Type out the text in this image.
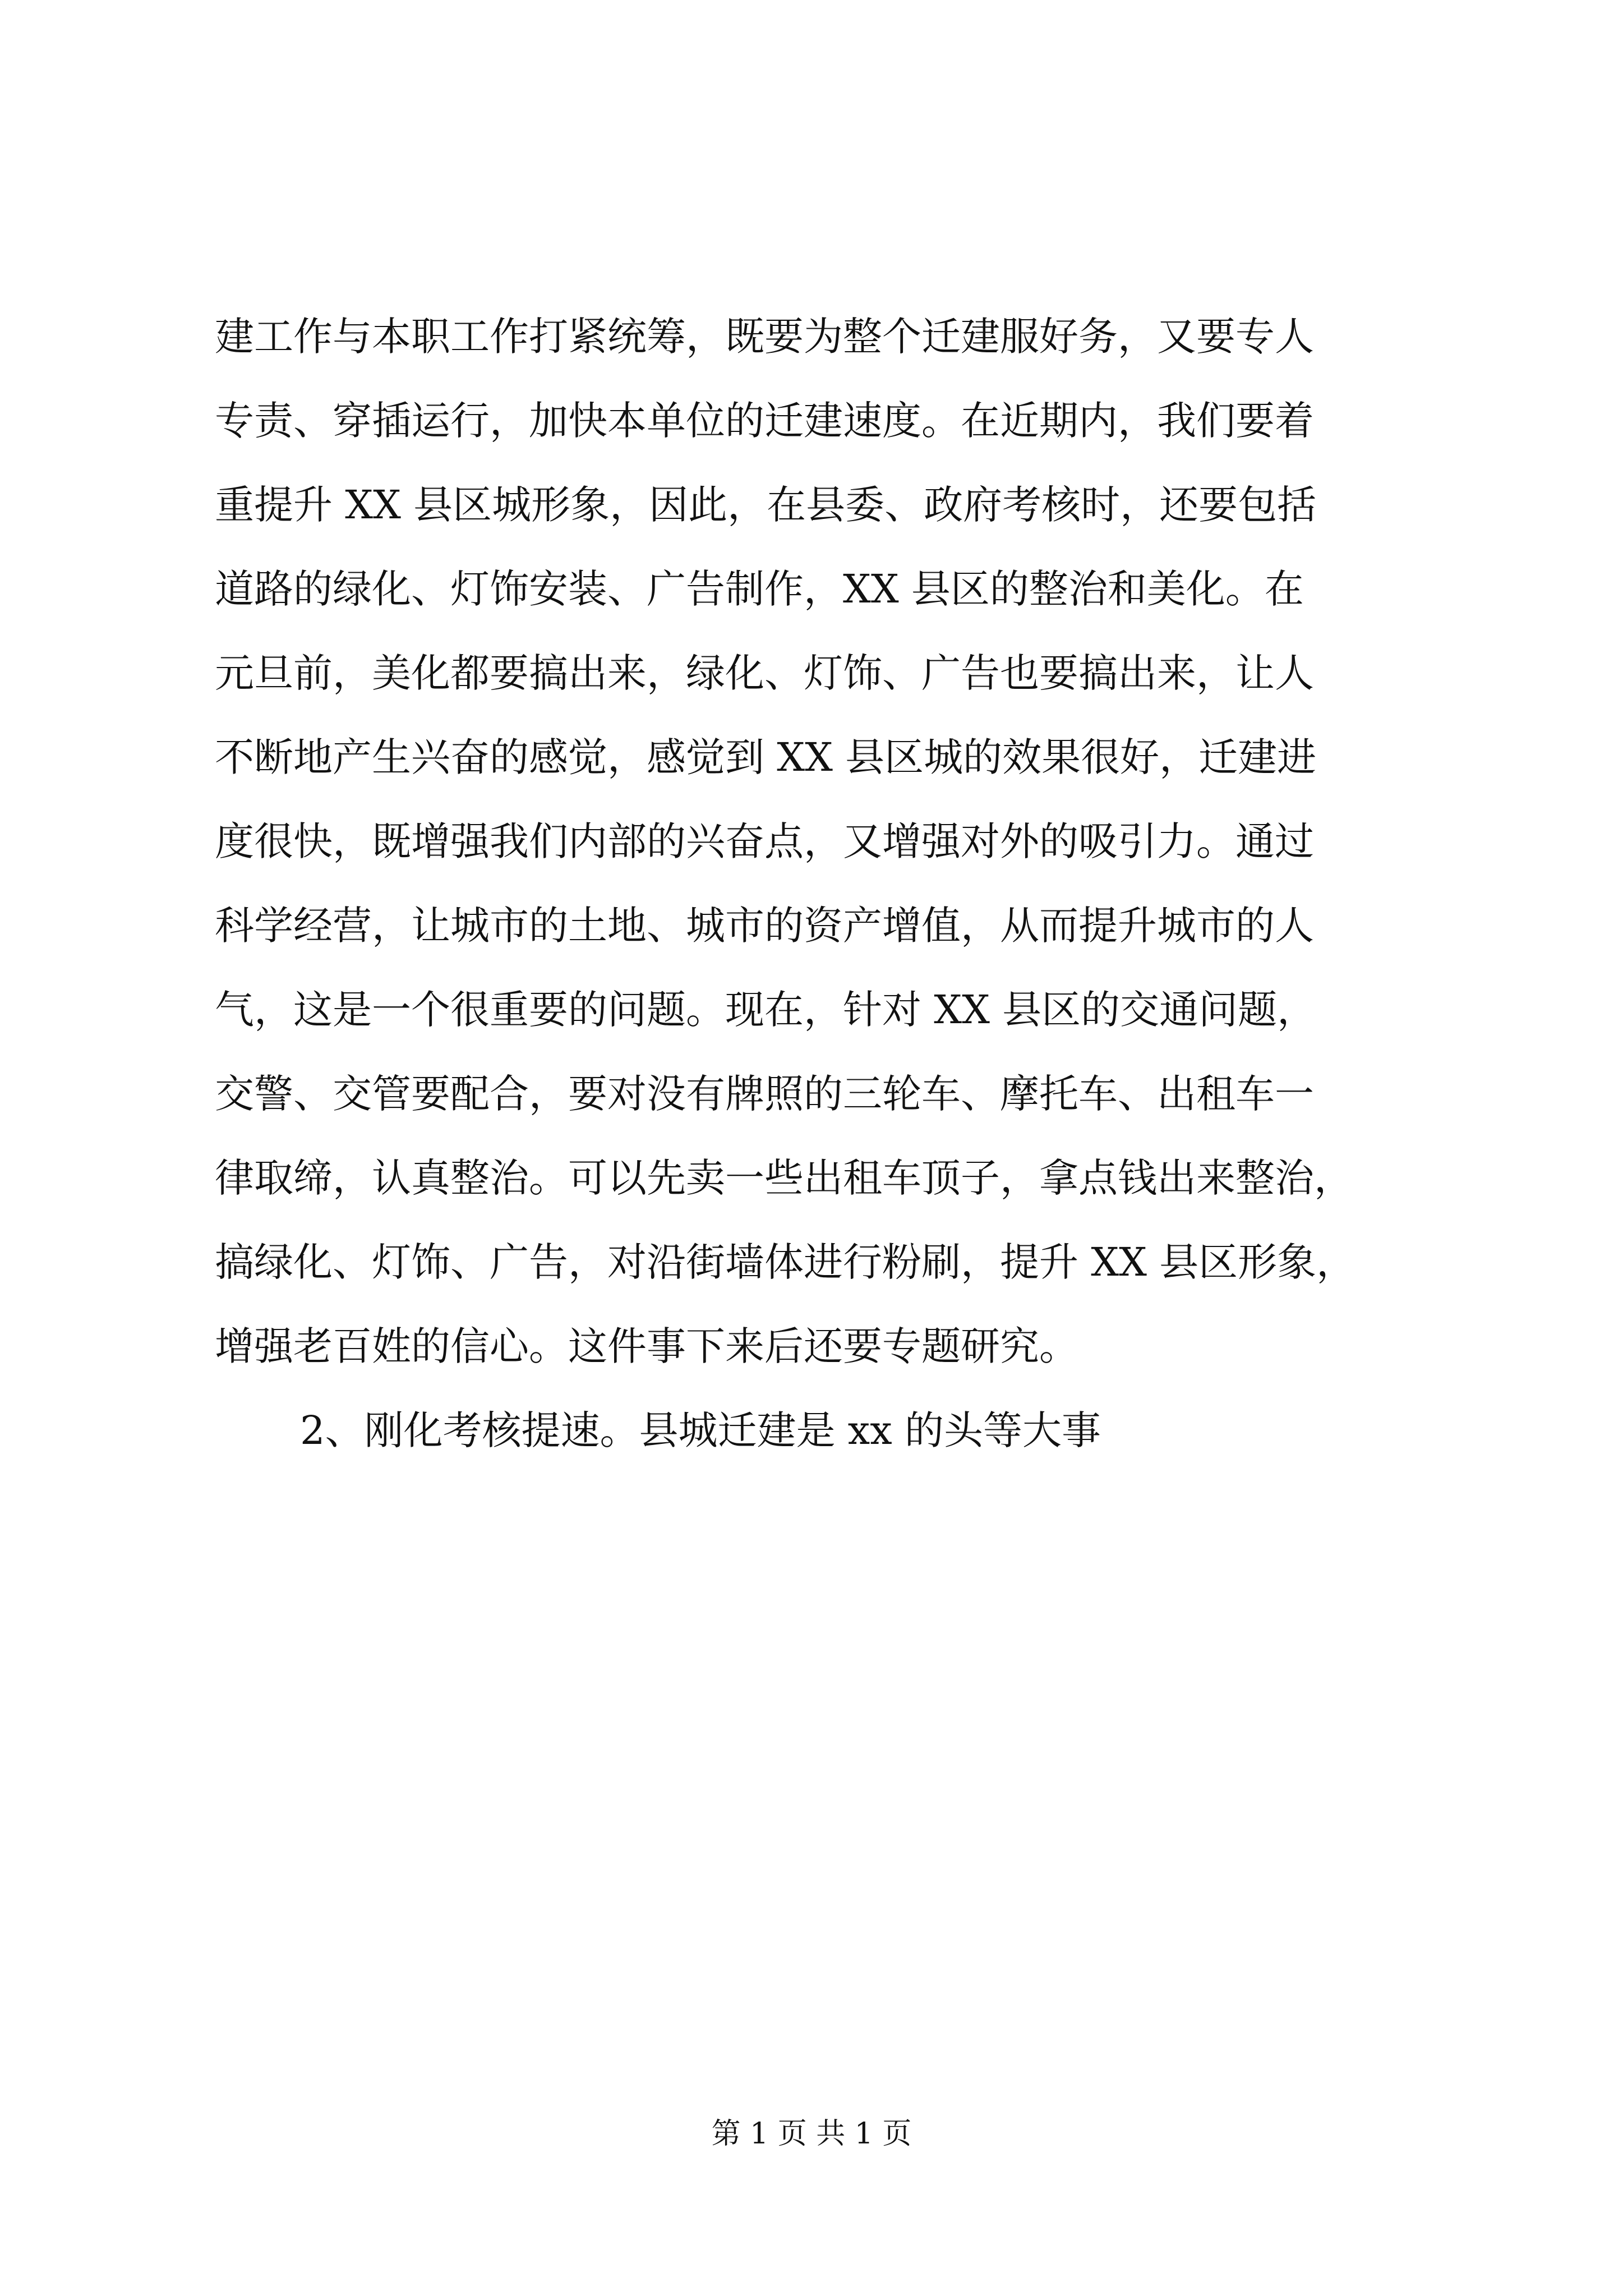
建工作与本职工作打紧统筹，既要为整个迁建服好务，又要专人
专责、穿插运行，加快本单位的迁建速度。在近期内，我们要着
重提升 XX 县区城形象，因此，在县委、政府考核时，还要包括
道路的绿化、灯饰安装、广告制作，XX 县区的整治和美化。在
元旦前，美化都要搞出来，绿化、灯饰、广告也要搞出来，让人
不断地产生兴奋的感觉，感觉到 XX 县区城的效果很好，迁建进
度很快，既增强我们内部的兴奋点，又增强对外的吸引力。通过
科学经营，让城市的土地、城市的资产增值，从而提升城市的人
气，这是一个很重要的问题。现在，针对 XX 县区的交通问题，
交警、交管要配合，要对没有牌照的三轮车、摩托车、出租车一
律取缔，认真整治。可以先卖一些出租车顶子，拿点钱出来整治，
搞绿化、灯饰、广告，对沿街墙体进行粉刷，提升 XX 县区形象，
增强老百姓的信心。这件事下来后还要专题研究。
2、刚化考核提速。县城迁建是 xx 的头等大事
第 1 页 共 1 页
